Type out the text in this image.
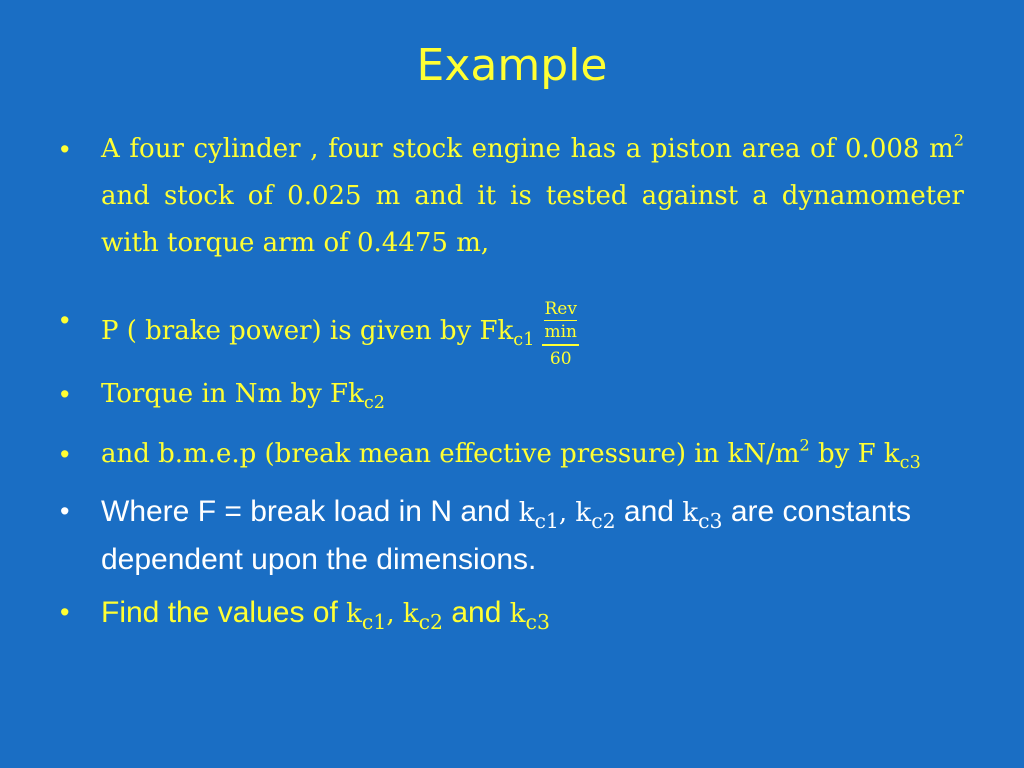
Example
• A four cylinder , four stock engine has a piston area of 0.008 $m^2$ and stock of 0.025 m and it is tested against a dynamometer with torque arm of 0.4475 m,
• P ( brake power) is given by $Fk_{c1} \frac{\frac{\text{Rev}}{\min}}{60}$
• Torque in Nm by $Fk_{c2}$
• and b.m.e.p (break mean effective pressure) in $kN/m^2$ by F $k_{c3}$
• Where F = break load in N and $k_{c1}$, $k_{c2}$ and $k_{c3}$ are constants dependent upon the dimensions.
• Find the values of $k_{c1}$, $k_{c2}$ and $k_{c3}$
